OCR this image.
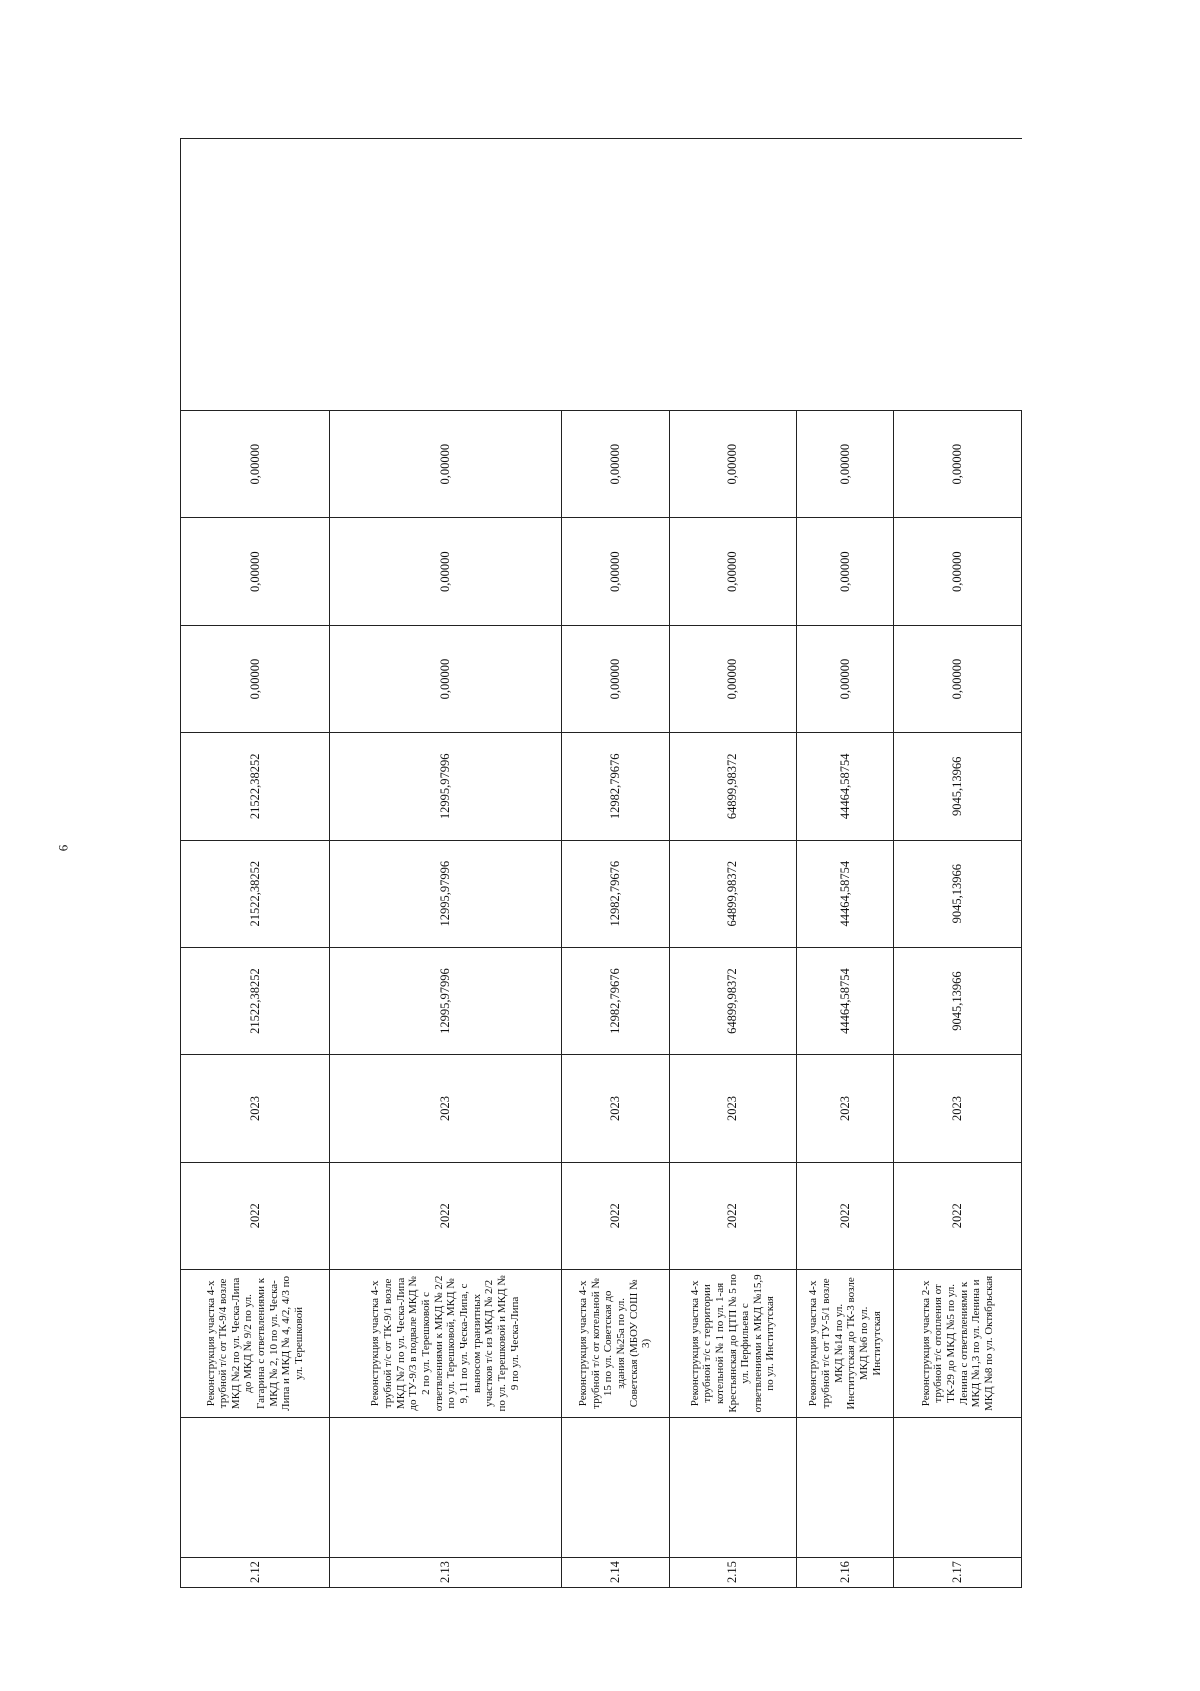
6
2.12		Реконструкция участка 4-х трубной т/с от ТК-9/4 возле МКД №2 по ул. Ческа-Липа до МКД № 9/2 по ул. Гагарина с ответвлениями к МКД № 2, 10 по ул. Ческа-Липа и МКД № 4, 4/2, 4/3 по ул. Терешковой	2022	2023	21522,38252	21522,38252	21522,38252	0,00000	0,00000	0,00000
2.13		Реконструкция участка 4-х трубной т/с от ТК-9/1 возле МКД №7 по ул. Ческа-Липа до ТУ-9/3 в подвале МКД № 2 по ул. Терешковой с ответвлениями к МКД № 2/2 по ул. Терешковой, МКД № 9, 11 по ул. Ческа-Липа, с выносом транзитных участков т/с из МКД № 2/2 по ул. Терешковой и МКД № 9 по ул. Ческа-Липа	2022	2023	12995,97996	12995,97996	12995,97996	0,00000	0,00000	0,00000
2.14		Реконструкция участка 4-х трубной т/с от котельной № 15 по ул. Советская до здания №25а по ул. Советская (МБОУ СОШ № 3)	2022	2023	12982,79676	12982,79676	12982,79676	0,00000	0,00000	0,00000
2.15		Реконструкция участка 4-х трубной т/с с территории котельной № 1 по ул. 1-ая Крестьянская до ЦТП № 5 по ул. Перфильева с ответвлениями к МКД №15,9 по ул. Институтская	2022	2023	64899,98372	64899,98372	64899,98372	0,00000	0,00000	0,00000
2.16		Реконструкция участка 4-х трубной т/с от ТУ-5/1 возле МКД №14 по ул. Институтская до ТК-3 возле МКД №6 по ул. Институтская	2022	2023	44464,58754	44464,58754	44464,58754	0,00000	0,00000	0,00000
2.17		Реконструкция участка 2-х трубной т/с отопления от ТК-29 до МКД №5 по ул. Ленина с ответвлениями к МКД №1,3 по ул. Ленина и МКД №8 по ул. Октябрьская	2022	2023	9045,13966	9045,13966	9045,13966	0,00000	0,00000	0,00000
